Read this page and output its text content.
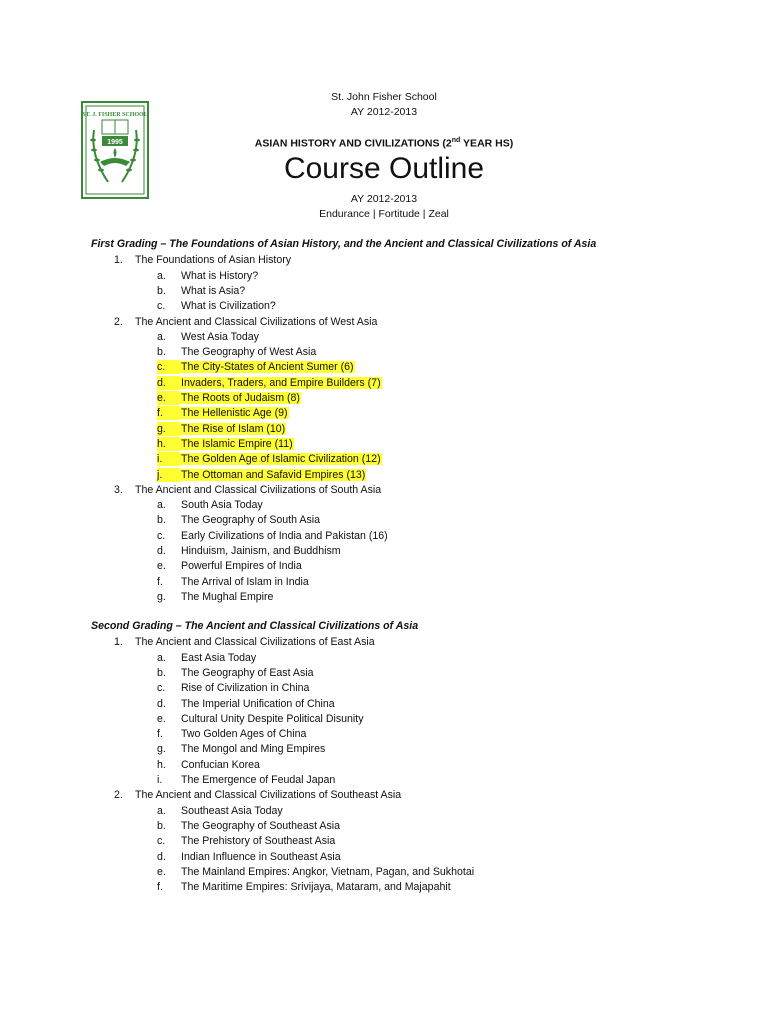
ST. J. FISHER SCHOOL
1995
St. John Fisher School
AY 2012-2013
ASIAN HISTORY AND CIVILIZATIONS (2nd YEAR HS)
Course Outline
AY 2012-2013
Endurance | Fortitude | Zeal
First Grading – The Foundations of Asian History, and the Ancient and Classical Civilizations of Asia
1. The Foundations of Asian History
a. What is History?
b. What is Asia?
c. What is Civilization?
2. The Ancient and Classical Civilizations of West Asia
a. West Asia Today
b. The Geography of West Asia
c. The City-States of Ancient Sumer (6)
d. Invaders, Traders, and Empire Builders (7)
e. The Roots of Judaism (8)
f. The Hellenistic Age (9)
g. The Rise of Islam (10)
h. The Islamic Empire (11)
i. The Golden Age of Islamic Civilization (12)
j. The Ottoman and Safavid Empires (13)
3. The Ancient and Classical Civilizations of South Asia
a. South Asia Today
b. The Geography of South Asia
c. Early Civilizations of India and Pakistan (16)
d. Hinduism, Jainism, and Buddhism
e. Powerful Empires of India
f. The Arrival of Islam in India
g. The Mughal Empire
Second Grading – The Ancient and Classical Civilizations of Asia
1. The Ancient and Classical Civilizations of East Asia
a. East Asia Today
b. The Geography of East Asia
c. Rise of Civilization in China
d. The Imperial Unification of China
e. Cultural Unity Despite Political Disunity
f. Two Golden Ages of China
g. The Mongol and Ming Empires
h. Confucian Korea
i. The Emergence of Feudal Japan
2. The Ancient and Classical Civilizations of Southeast Asia
a. Southeast Asia Today
b. The Geography of Southeast Asia
c. The Prehistory of Southeast Asia
d. Indian Influence in Southeast Asia
e. The Mainland Empires: Angkor, Vietnam, Pagan, and Sukhotai
f. The Maritime Empires: Srivijaya, Mataram, and Majapahit
